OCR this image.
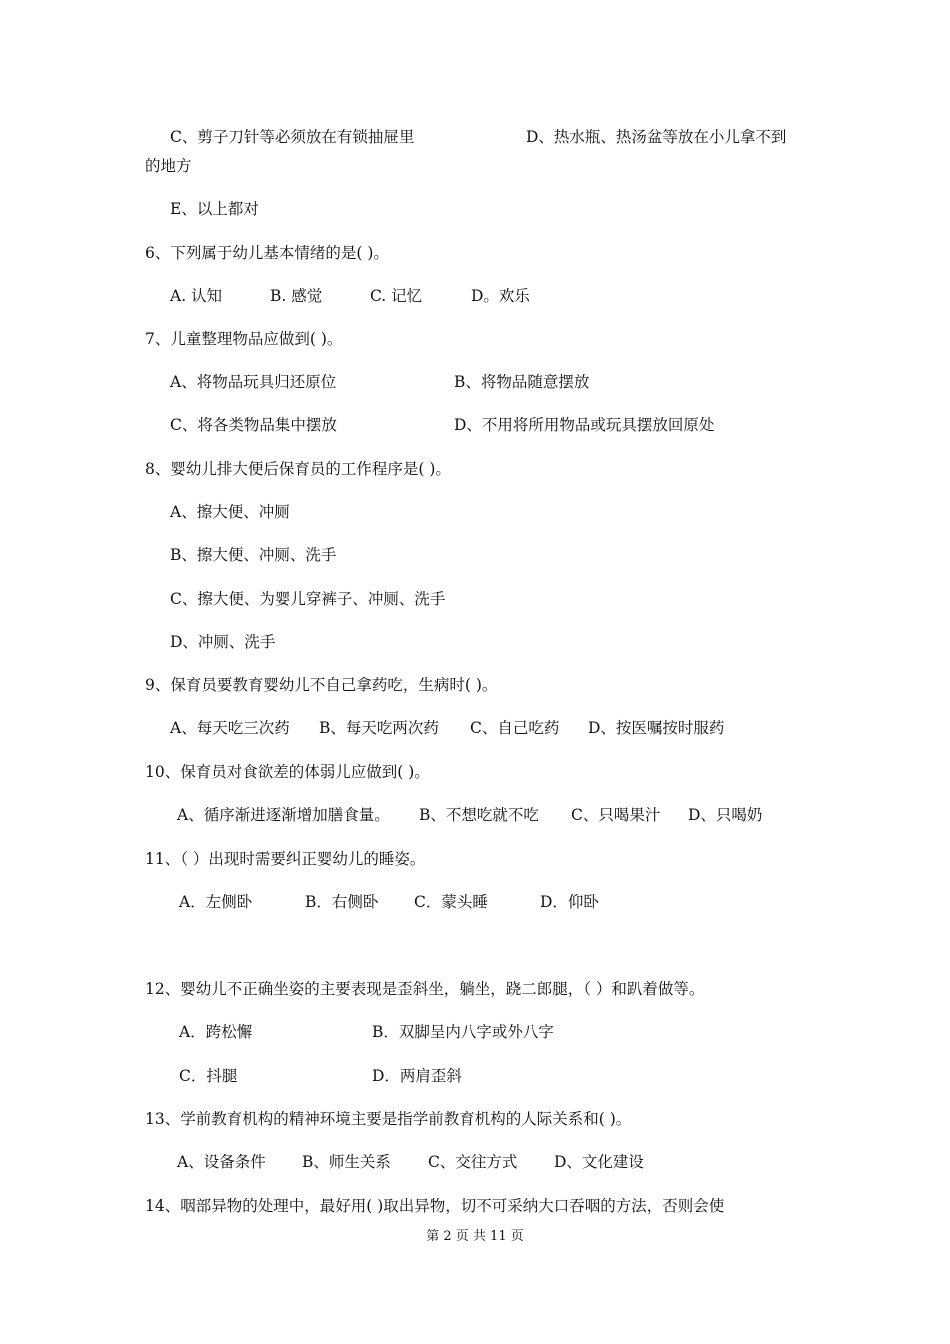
C、剪子刀针等必须放在有锁抽屉里	D、热水瓶、热汤盆等放在小儿拿不到
的地方
E、以上都对
6、下列属于幼儿基本情绪的是( )。
A. 认知	B. 感觉	C. 记忆	D。欢乐
7、儿童整理物品应做到( )。
A、将物品玩具归还原位	B、将物品随意摆放
C、将各类物品集中摆放	D、不用将所用物品或玩具摆放回原处
8、婴幼儿排大便后保育员的工作程序是( )。
A、擦大便、冲厕
B、擦大便、冲厕、洗手
C、擦大便、为婴儿穿裤子、冲厕、洗手
D、冲厕、洗手
9、保育员要教育婴幼儿不自己拿药吃，生病时( )。
A、每天吃三次药 B、每天吃两次药 C、自己吃药 D、按医嘱按时服药
10、保育员对食欲差的体弱儿应做到( )。
A、循序渐进逐渐增加膳食量。 B、不想吃就不吃 C、只喝果汁 D、只喝奶
11、（ ）出现时需要纠正婴幼儿的睡姿。
A．左侧卧	B．右侧卧 C．蒙头睡	D．仰卧
12、婴幼儿不正确坐姿的主要表现是歪斜坐，躺坐，跷二郎腿，（ ）和趴着做等。
A．跨松懈	B．双脚呈内八字或外八字
C．抖腿	D．两肩歪斜
13、学前教育机构的精神环境主要是指学前教育机构的人际关系和( )。
A、设备条件 B、师生关系 C、交往方式 D、文化建设
14、咽部异物的处理中，最好用( )取出异物，切不可采纳大口吞咽的方法，否则会使
第 2 页 共 11 页
